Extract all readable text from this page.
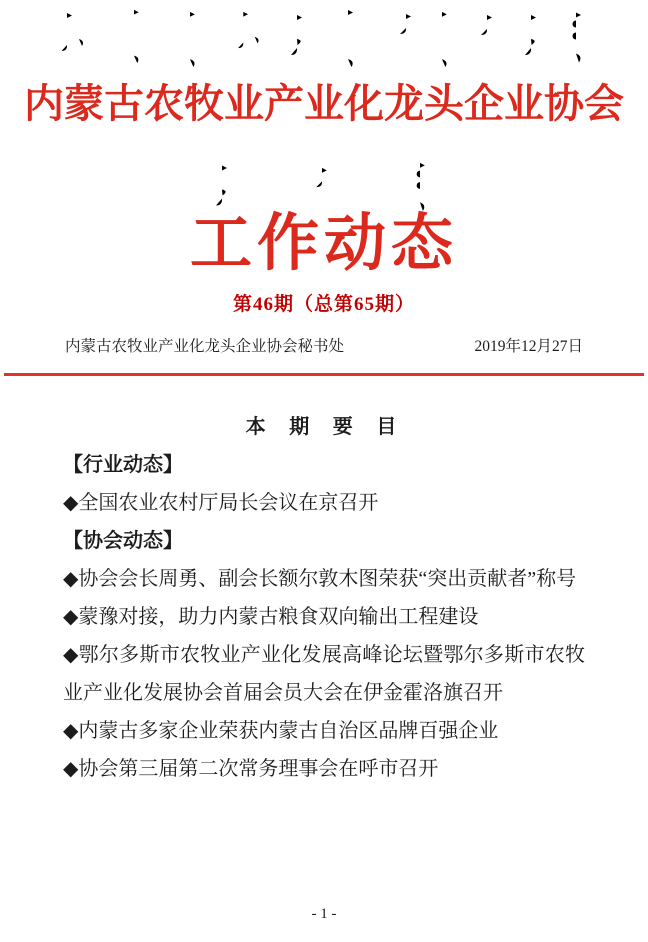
内蒙古农牧业产业化龙头企业协会
工作动态
第46期（总第65期）
内蒙古农牧业产业化龙头企业协会秘书处	2019年12月27日
本 期 要 目
【行业动态】

◆全国农业农村厅局长会议在京召开

【协会动态】

◆协会会长周勇、副会长额尔敦木图荣获“突出贡献者”称号

◆蒙豫对接，助力内蒙古粮食双向输出工程建设

◆鄂尔多斯市农牧业产业化发展高峰论坛暨鄂尔多斯市农牧业产业化发展协会首届会员大会在伊金霍洛旗召开

◆内蒙古多家企业荣获内蒙古自治区品牌百强企业

◆协会第三届第二次常务理事会在呼市召开

- 1 -
